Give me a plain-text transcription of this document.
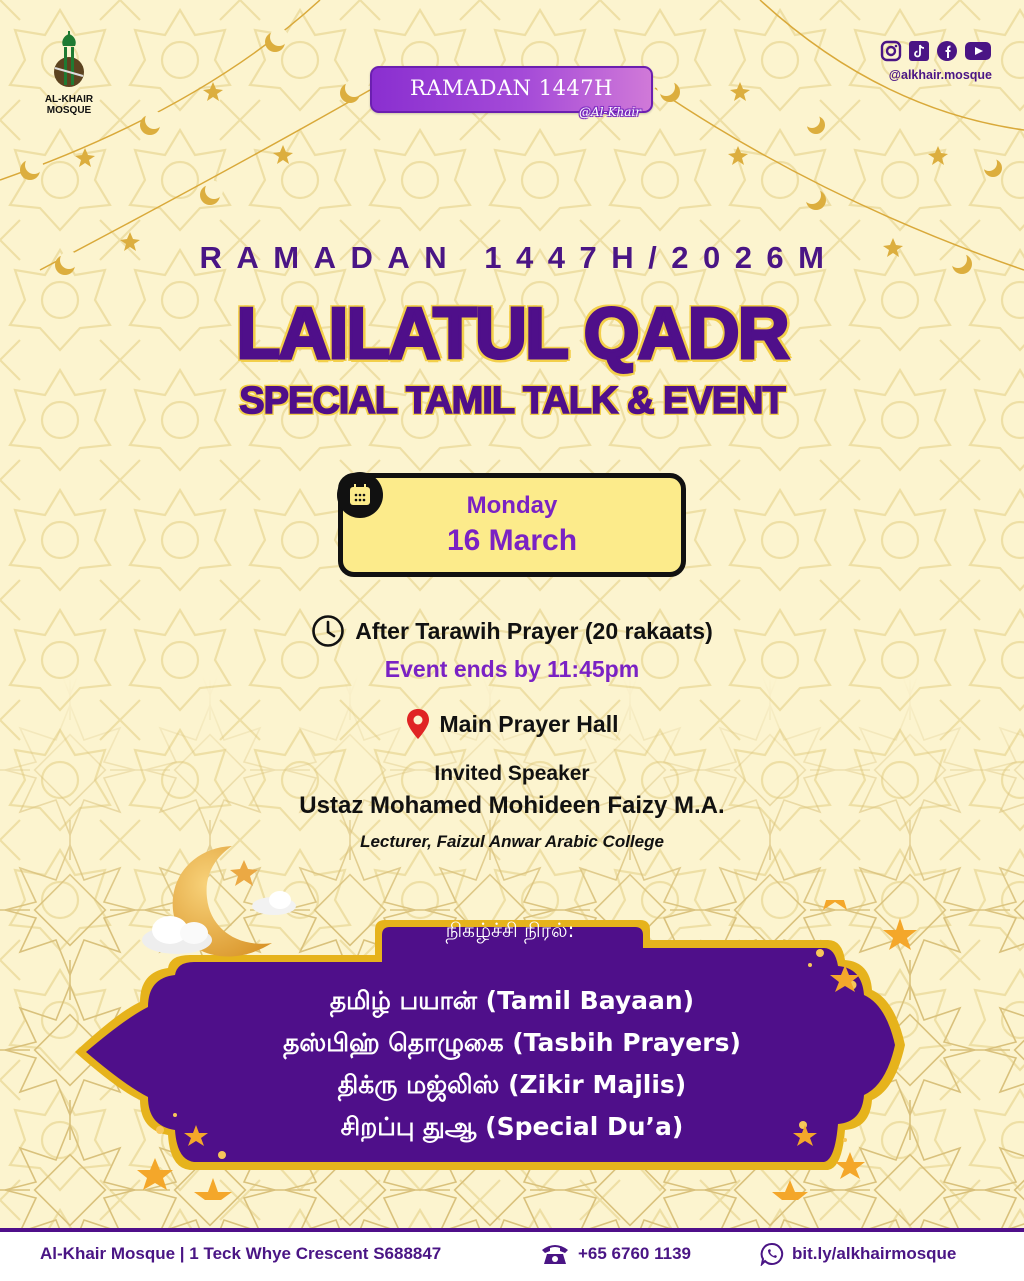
AL-KHAIR
MOSQUE
RAMADAN 1447H
@Al-Khair
@alkhair.mosque
RAMADAN 1447H/2026M
LAILATUL QADR
SPECIAL TAMIL TALK & EVENT
Monday
16 March
After Tarawih Prayer (20 rakaats)
Event ends by 11:45pm
Main Prayer Hall
Invited Speaker
Ustaz Mohamed Mohideen Faizy M.A.
Lecturer, Faizul Anwar Arabic College
நிகழ்ச்சி நிரல்:
தமிழ் பயான் (Tamil Bayaan)
தஸ்பிஹ் தொழுகை (Tasbih Prayers)
திக்ரு மஜ்லிஸ் (Zikir Majlis)
சிறப்பு துஆ (Special Du’a)
Al-Khair Mosque | 1 Teck Whye Crescent S688847	+65 6760 1139	bit.ly/alkhairmosque
